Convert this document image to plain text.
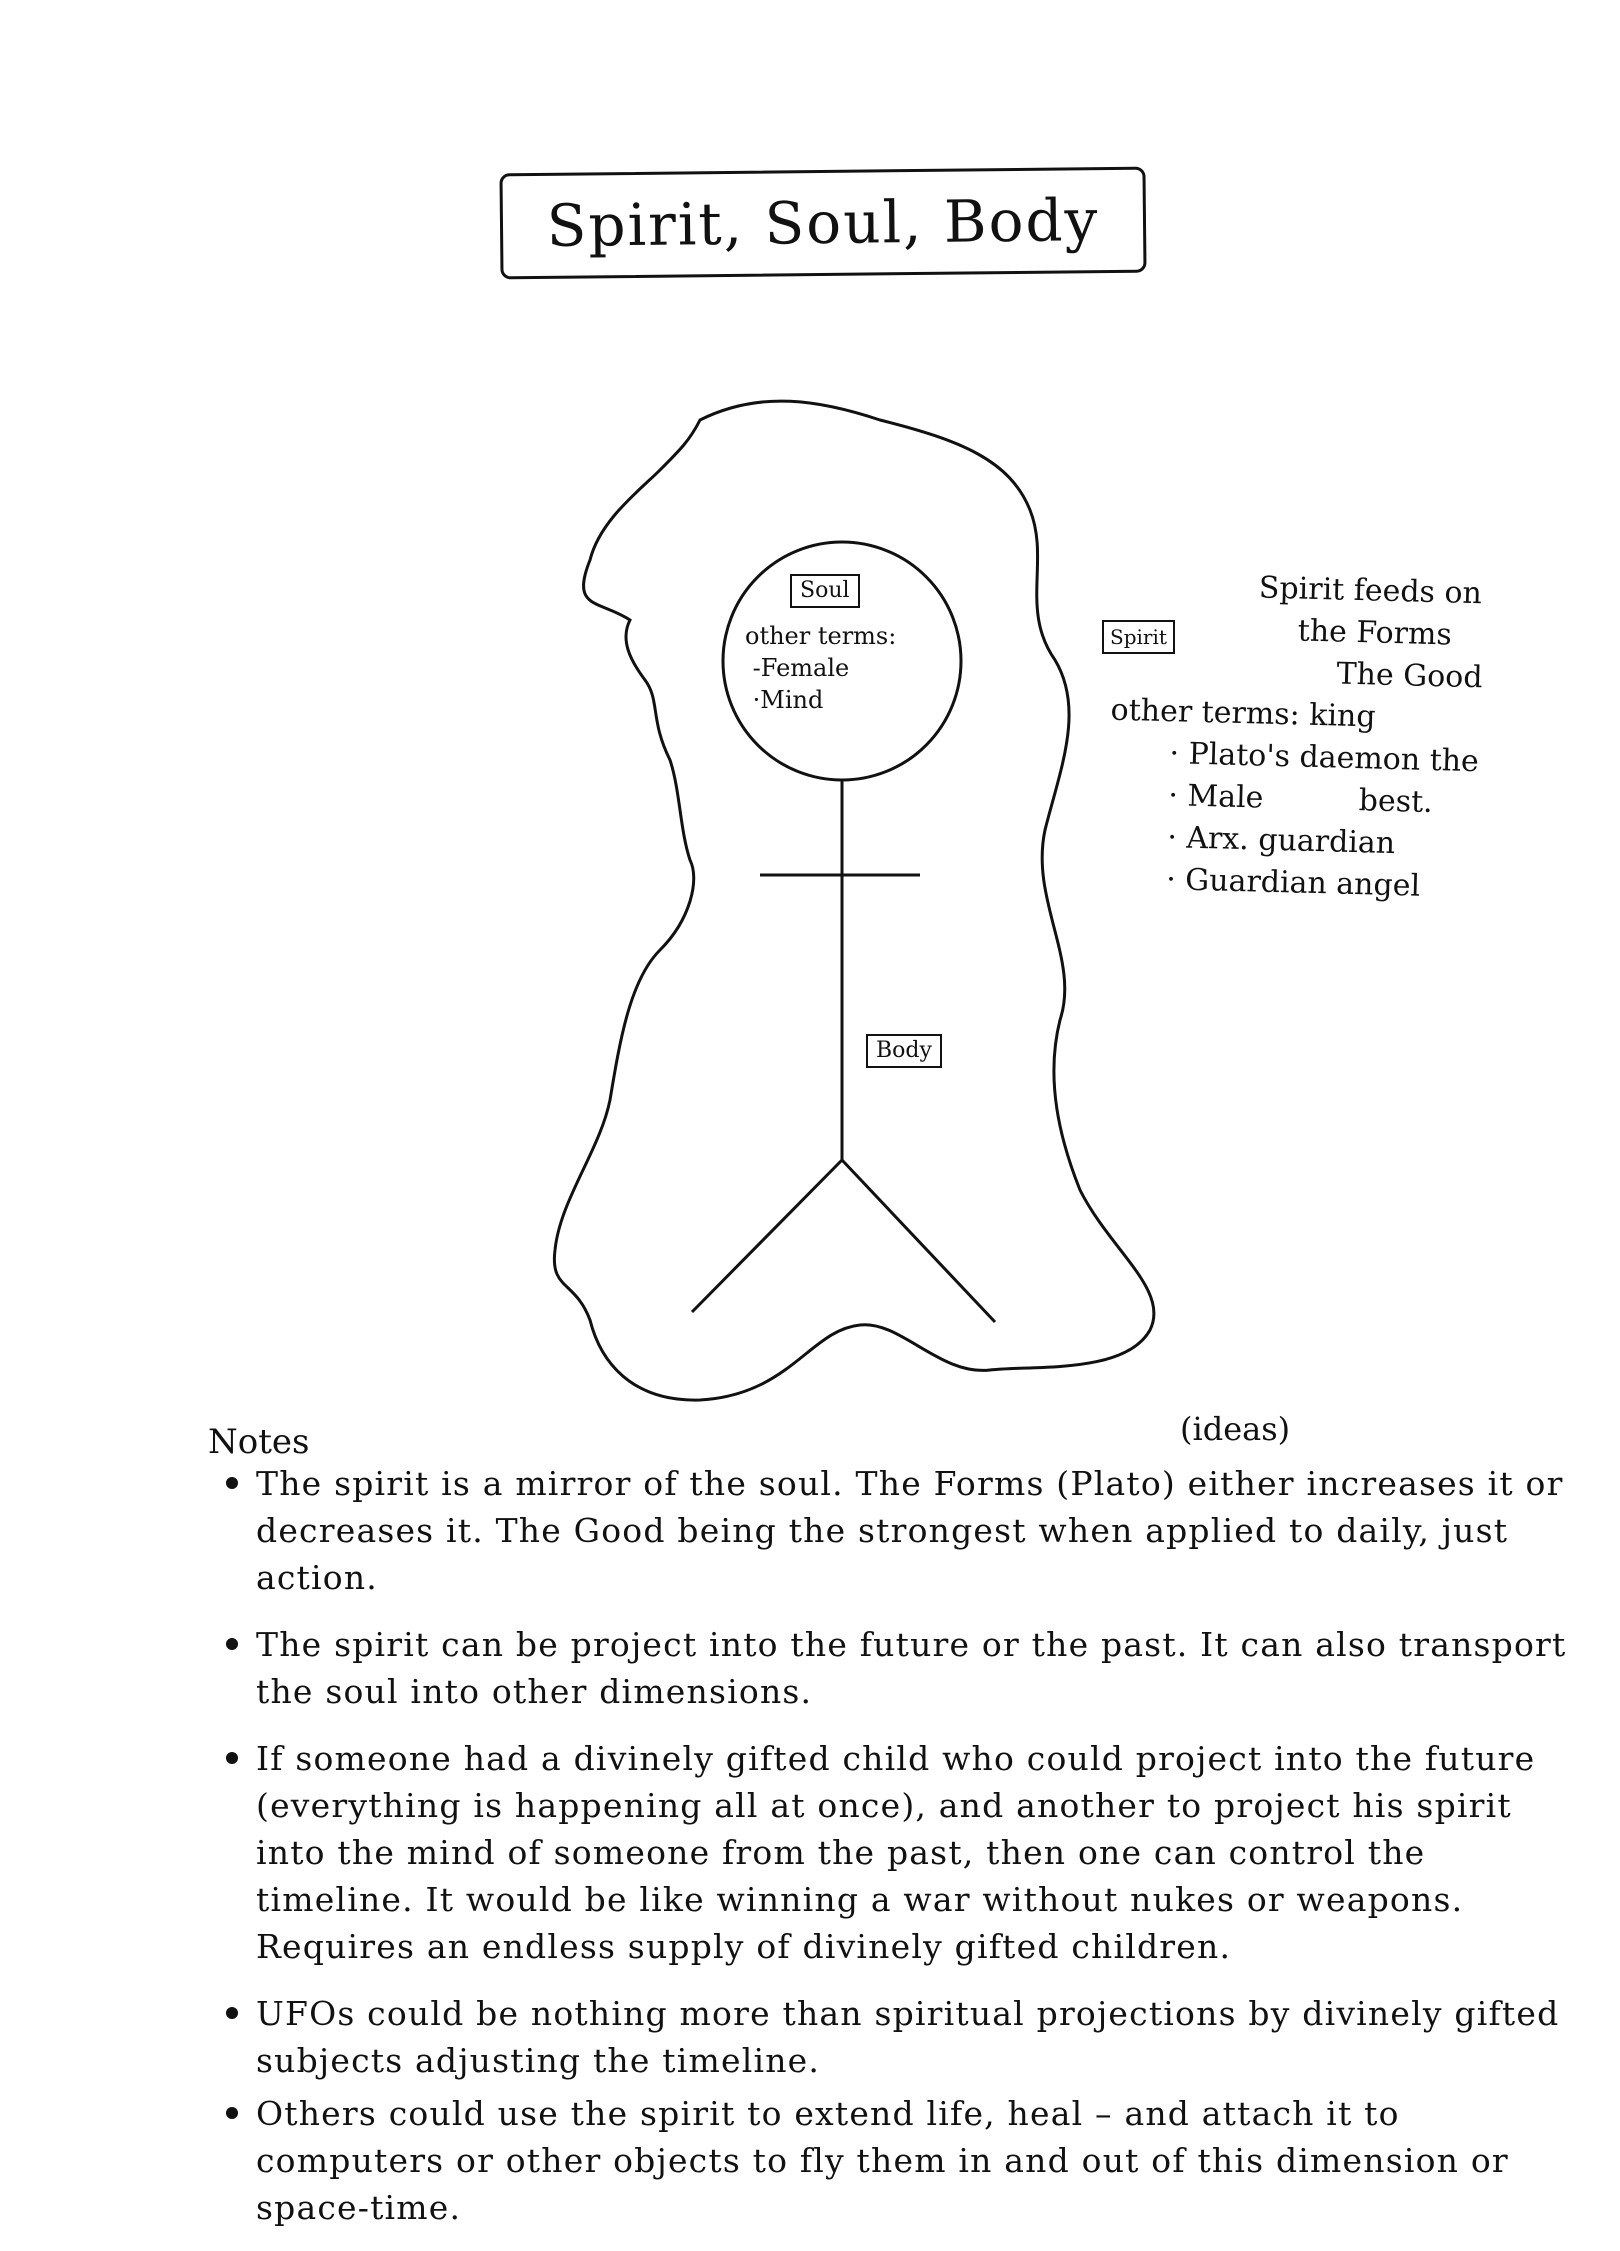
Spirit, Soul, Body
Soul
other terms:
-Female
·Mind
Body
Spirit
Spirit feeds on
the Forms
The Good
other terms: king
· Plato's daemon the
· Male          best.
· Arx. guardian
· Guardian angel
(ideas)
Notes
The spirit is a mirror of the soul. The Forms (Plato) either increases it or decreases it. The Good being the strongest when applied to daily, just action.
The spirit can be project into the future or the past. It can also transport the soul into other dimensions.
If someone had a divinely gifted child who could project into the future (everything is happening all at once), and another to project his spirit into the mind of someone from the past, then one can control the timeline. It would be like winning a war without nukes or weapons. Requires an endless supply of divinely gifted children.
UFOs could be nothing more than spiritual projections by divinely gifted subjects adjusting the timeline.
Others could use the spirit to extend life, heal – and attach it to computers or other objects to fly them in and out of this dimension or space-time.
